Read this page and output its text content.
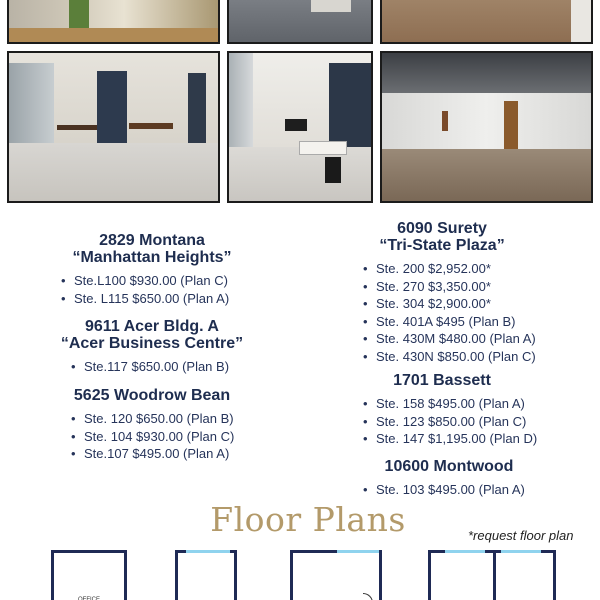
2829 Montana
“Manhattan Heights”
• Ste.L100 $930.00 (Plan C)
• Ste. L115 $650.00 (Plan A)
9611 Acer Bldg. A
“Acer Business Centre”
• Ste.117 $650.00 (Plan B)
5625 Woodrow Bean
• Ste. 120 $650.00 (Plan B)
• Ste. 104 $930.00 (Plan C)
• Ste.107 $495.00 (Plan A)
6090 Surety
“Tri-State Plaza”
• Ste. 200 $2,952.00*
• Ste. 270 $3,350.00*
• Ste. 304 $2,900.00*
• Ste. 401A $495 (Plan B)
• Ste. 430M $480.00 (Plan A)
• Ste. 430N $850.00 (Plan C)
1701 Bassett
• Ste. 158 $495.00 (Plan A)
• Ste. 123 $850.00 (Plan C)
• Ste. 147 $1,195.00 (Plan D)
10600 Montwood
• Ste. 103 $495.00 (Plan A)
Floor Plans	*request floor plan
OFFICE
